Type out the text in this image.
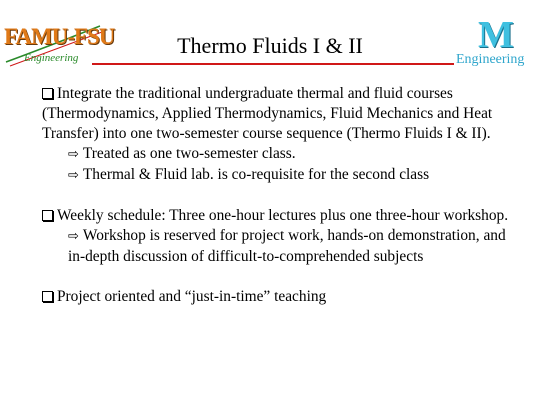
FAMU-FSU
Engineering
M
Engineering
Thermo Fluids I & II
Integrate the traditional undergraduate thermal and fluid courses (Thermodynamics, Applied Thermodynamics, Fluid Mechanics and Heat Transfer) into one two-semester course sequence (Thermo Fluids I & II).
⇨ Treated as one two-semester class.
⇨ Thermal & Fluid lab. is co-requisite for the second class
Weekly schedule: Three one-hour lectures plus one three-hour workshop.
⇨ Workshop is reserved for project work, hands-on demonstration, and in-depth discussion of difficult-to-comprehended subjects
Project oriented and “just-in-time” teaching
